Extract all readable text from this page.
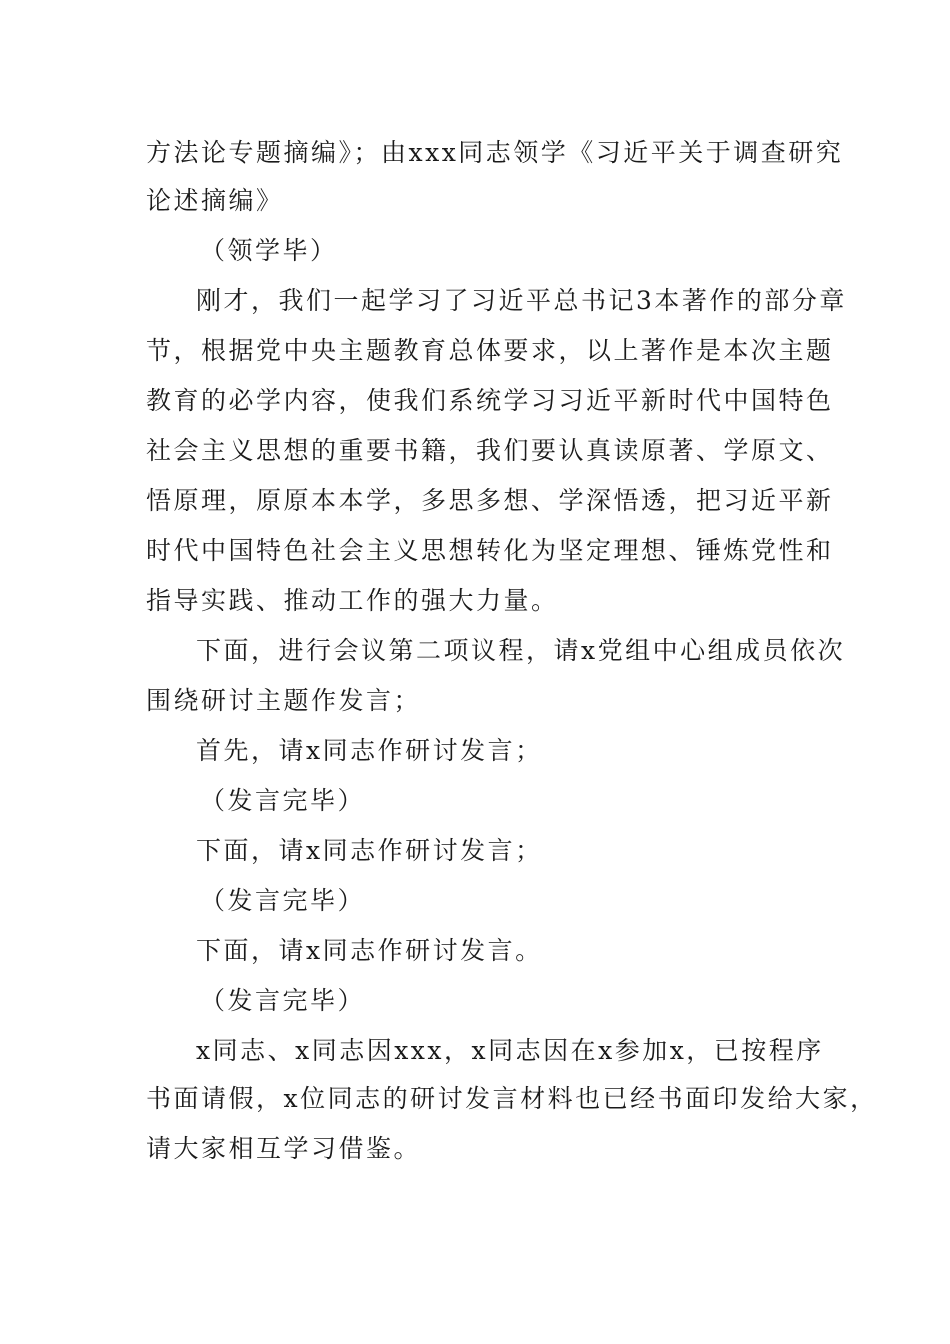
方法论专题摘编》；由xxx同志领学《习近平关于调查研究
论述摘编》
（领学毕）
刚才，我们一起学习了习近平总书记3本著作的部分章
节，根据党中央主题教育总体要求，以上著作是本次主题
教育的必学内容，使我们系统学习习近平新时代中国特色
社会主义思想的重要书籍，我们要认真读原著、学原文、
悟原理，原原本本学，多思多想、学深悟透，把习近平新
时代中国特色社会主义思想转化为坚定理想、锤炼党性和
指导实践、推动工作的强大力量。
下面，进行会议第二项议程，请x党组中心组成员依次
围绕研讨主题作发言；
首先，请x同志作研讨发言；
（发言完毕）
下面，请x同志作研讨发言；
（发言完毕）
下面，请x同志作研讨发言。
（发言完毕）
x同志、x同志因xxx，x同志因在x参加x，已按程序
书面请假，x位同志的研讨发言材料也已经书面印发给大家，
请大家相互学习借鉴。
